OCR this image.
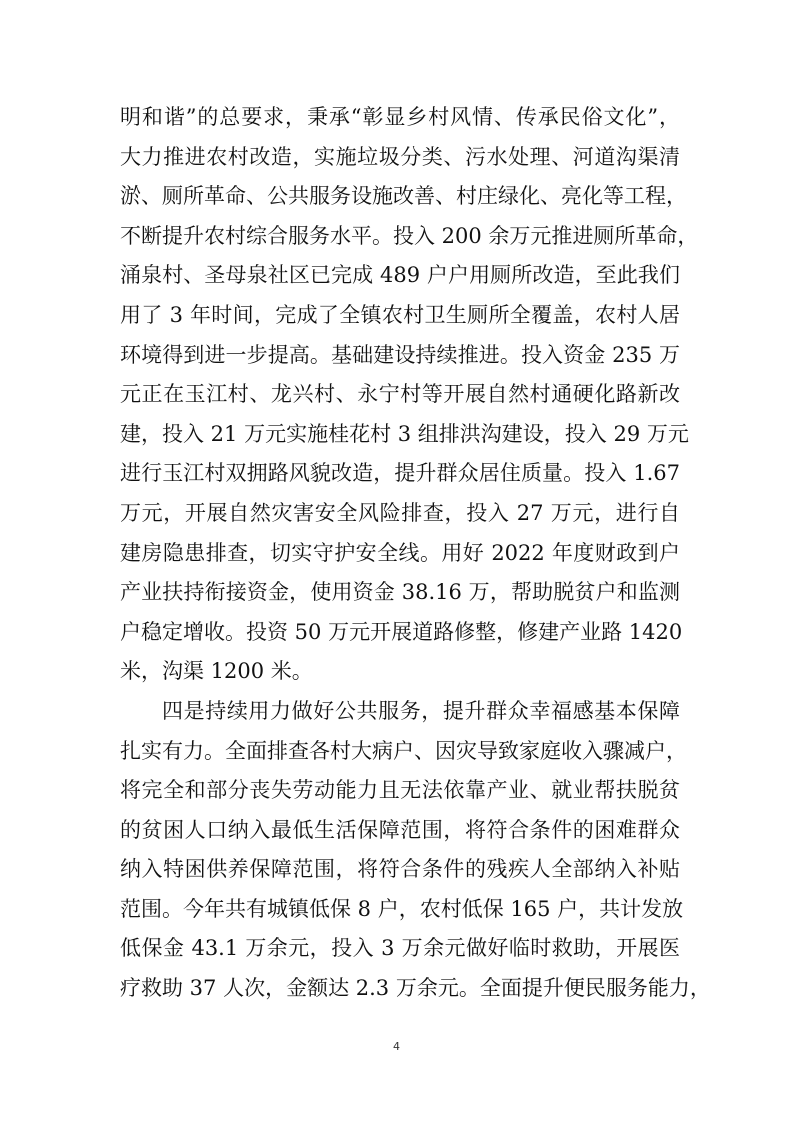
明和谐”的总要求，秉承“彰显乡村风情、传承民俗文化”，
大力推进农村改造，实施垃圾分类、污水处理、河道沟渠清
淤、厕所革命、公共服务设施改善、村庄绿化、亮化等工程，
不断提升农村综合服务水平。投入 200 余万元推进厕所革命，
涌泉村、圣母泉社区已完成 489 户户用厕所改造，至此我们
用了 3 年时间，完成了全镇农村卫生厕所全覆盖，农村人居
环境得到进一步提高。基础建设持续推进。投入资金 235 万
元正在玉江村、龙兴村、永宁村等开展自然村通硬化路新改
建，投入 21 万元实施桂花村 3 组排洪沟建设，投入 29 万元
进行玉江村双拥路风貌改造，提升群众居住质量。投入 1.67
万元，开展自然灾害安全风险排查，投入 27 万元，进行自
建房隐患排查，切实守护安全线。用好 2022 年度财政到户
产业扶持衔接资金，使用资金 38.16 万，帮助脱贫户和监测
户稳定增收。投资 50 万元开展道路修整，修建产业路 1420
米，沟渠 1200 米。
四是持续用力做好公共服务，提升群众幸福感基本保障
扎实有力。全面排查各村大病户、因灾导致家庭收入骤减户，
将完全和部分丧失劳动能力且无法依靠产业、就业帮扶脱贫
的贫困人口纳入最低生活保障范围，将符合条件的困难群众
纳入特困供养保障范围，将符合条件的残疾人全部纳入补贴
范围。今年共有城镇低保 8 户，农村低保 165 户，共计发放
低保金 43.1 万余元，投入 3 万余元做好临时救助，开展医
疗救助 37 人次，金额达 2.3 万余元。全面提升便民服务能力，
4
